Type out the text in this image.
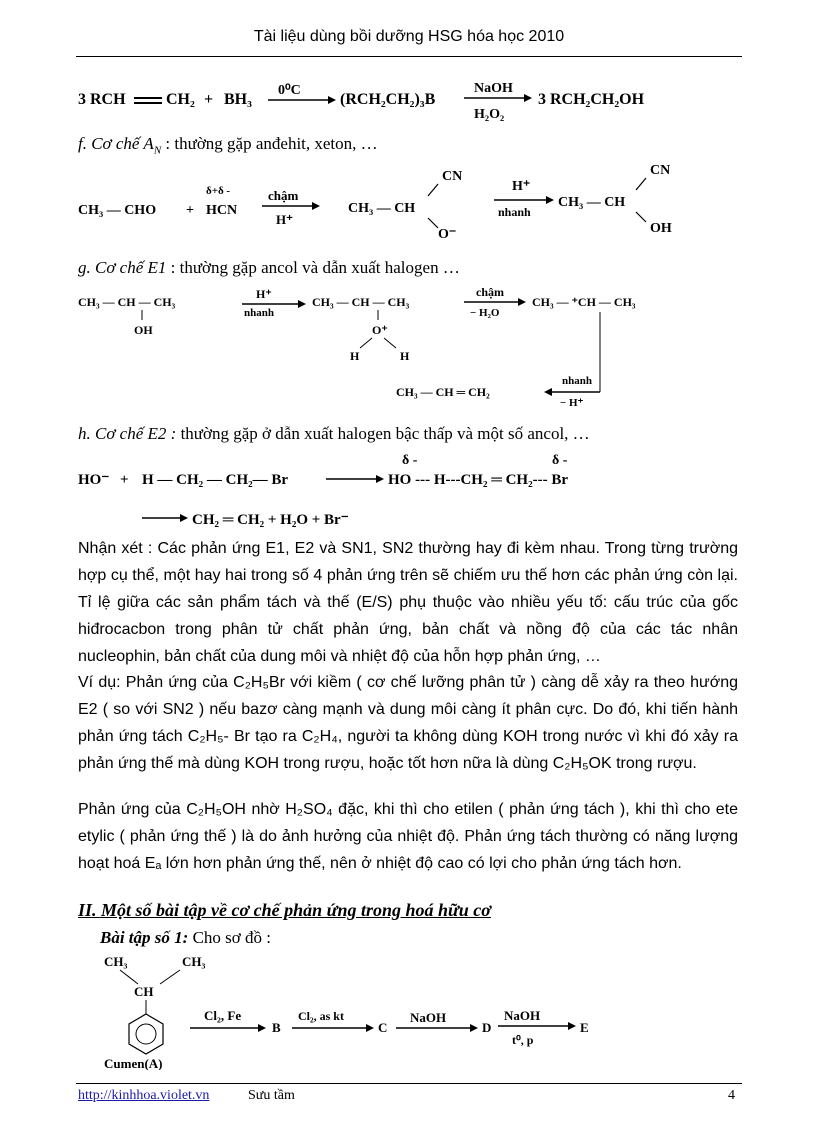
Tài liệu dùng bồi dưỡng HSG hóa học 2010
3 RCH	CH₂ + BH₃
0⁰C
(RCH₂CH₂)₃B
NaOH
H₂O₂
3 RCH₂CH₂OH
f. Cơ chế $A_N$ : thường gặp anđehit, xeton, …
CH₃ — CHO +
δ+δ -
HCN
chậm
H⁺
CH₃ — CH
CN
O⁻
H⁺
nhanh
CH₃ — CH
CN
OH
g. Cơ chế E1 : thường gặp ancol và dẫn xuất halogen …
CH₃ — CH — CH₃
OH
H⁺
nhanh
CH₃ — CH — CH₃
O⁺
H	H
chậm
− H₂O
CH₃ — ⁺CH — CH₃
nhanh
− H⁺
CH₃ — CH ═ CH₂
h. Cơ chế E2 : thường gặp ở dẫn xuất halogen bậc thấp và một số ancol, …
HO⁻ + H — CH₂ — CH₂— Br
δ -	δ -
HO --- H---CH₂ ═ CH₂--- Br
CH₂ ═ CH₂ + H₂O + Br⁻
Nhận xét : Các phản ứng E1, E2 và SN1, SN2 thường hay đi kèm nhau. Trong từng trường hợp cụ thể, một hay hai trong số 4 phản ứng trên sẽ chiếm ưu thế hơn các phản ứng còn lại. Tỉ lệ giữa các sản phẩm tách và thế (E/S) phụ thuộc vào nhiều yếu tố: cấu trúc của gốc hiđrocacbon trong phân tử chất phản ứng, bản chất và nồng độ của các tác nhân nucleophin, bản chất của dung môi và nhiệt độ của hỗn hợp phản ứng, …
Ví dụ: Phản ứng của C₂H₅Br với kiềm ( cơ chế lưỡng phân tử ) càng dễ xảy ra theo hướng E2 ( so với SN2 ) nếu bazơ càng mạnh và dung môi càng ít phân cực. Do đó, khi tiến hành phản ứng tách C₂H₅- Br tạo ra C₂H₄, người ta không dùng KOH trong nước vì khi đó xảy ra phản ứng thế mà dùng KOH trong rượu, hoặc tốt hơn nữa là dùng C₂H₅OK trong rượu.
Phản ứng của C₂H₅OH nhờ H₂SO₄ đặc, khi thì cho etilen ( phản ứng tách ), khi thì cho ete etylic ( phản ứng thế ) là do ảnh hưởng của nhiệt độ. Phản ứng tách thường có năng lượng hoạt hoá Eₐ lớn hơn phản ứng thế, nên ở nhiệt độ cao có lợi cho phản ứng tách hơn.
II. Một số bài tập về cơ chế phản ứng trong hoá hữu cơ
Bài tập số 1: Cho sơ đồ :
CH₃	CH₃
CH
Cumen(A)
Cl₂, Fe
B
Cl₂, as kt
C
NaOH
D
NaOH
t⁰, p
E
http://kinhhoa.violet.vn	Sưu tầm	4
